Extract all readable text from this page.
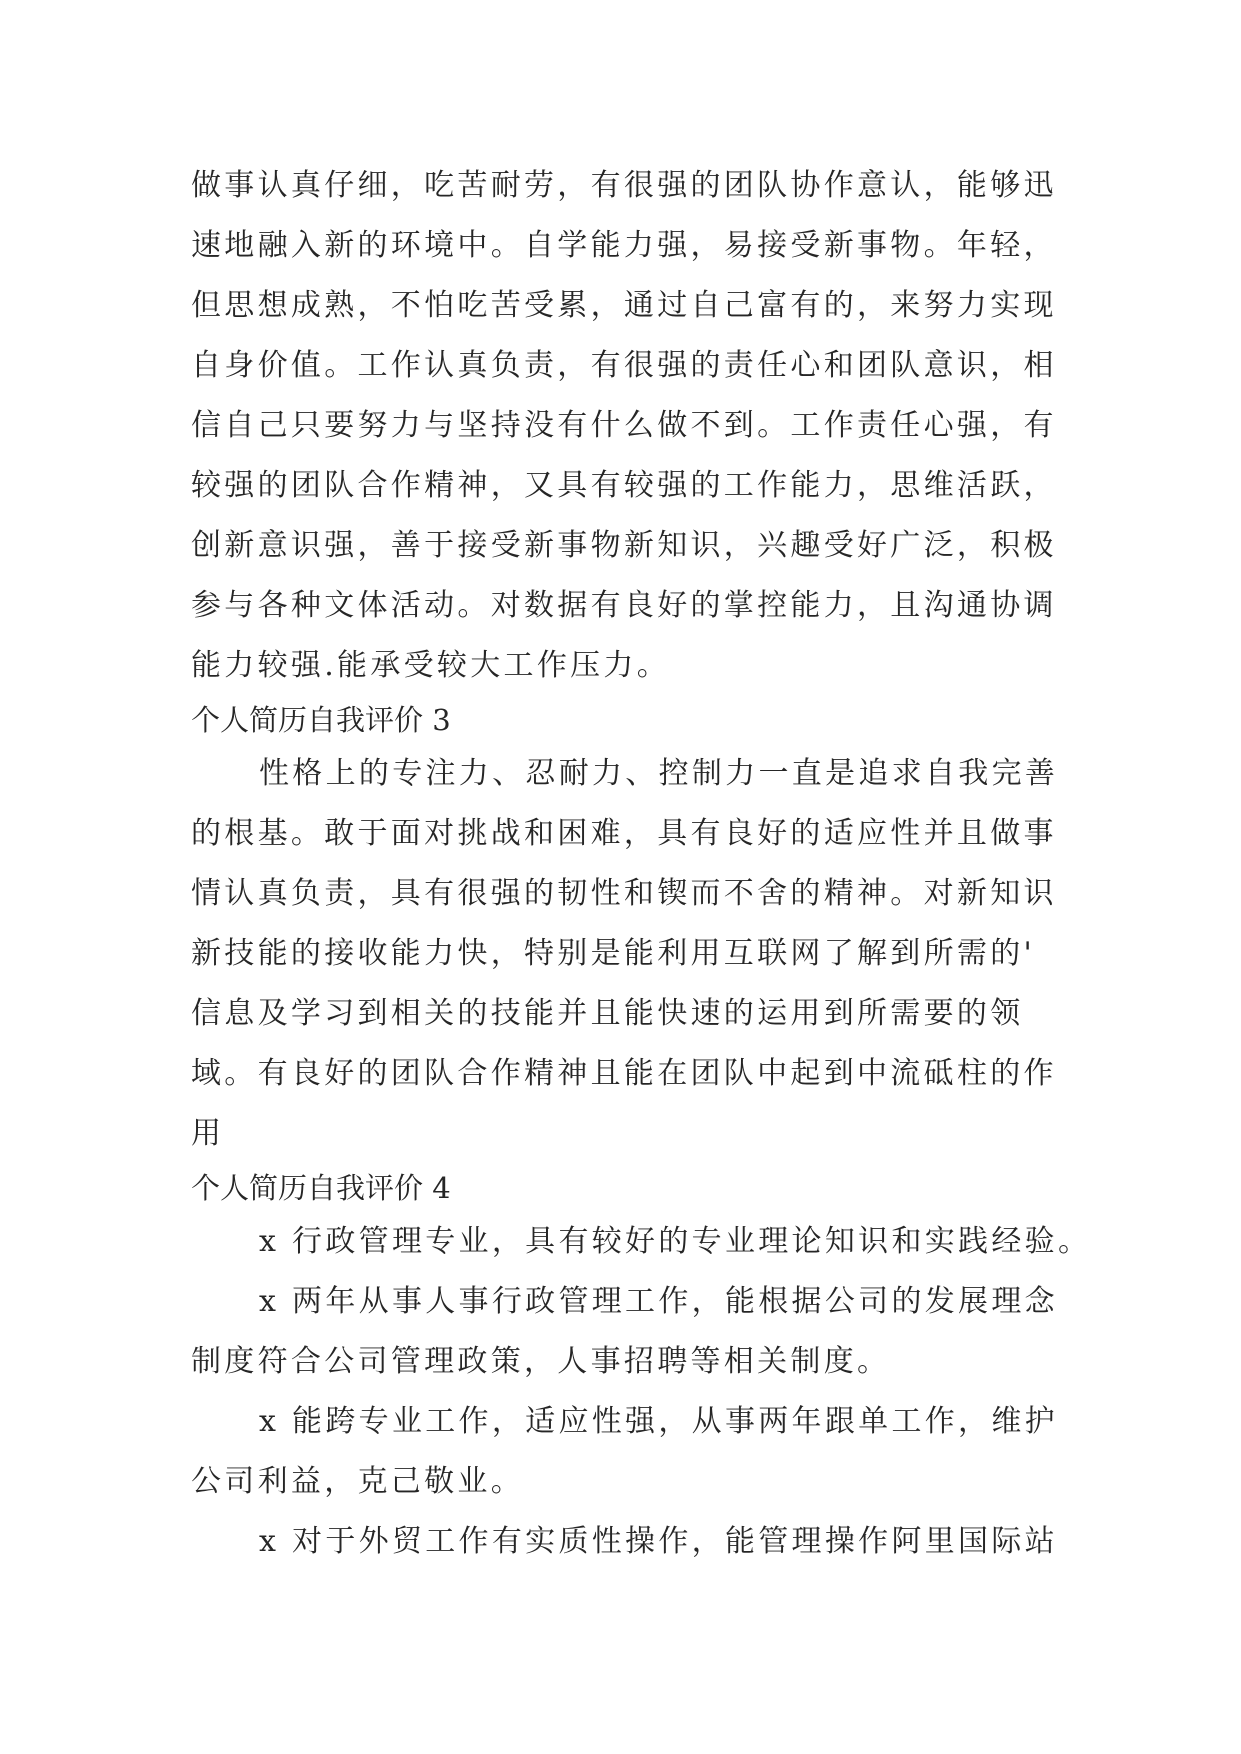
做事认真仔细，吃苦耐劳，有很强的团队协作意认，能够迅
速地融入新的环境中。自学能力强，易接受新事物。年轻，
但思想成熟，不怕吃苦受累，通过自己富有的，来努力实现
自身价值。工作认真负责，有很强的责任心和团队意识，相
信自己只要努力与坚持没有什么做不到。工作责任心强，有
较强的团队合作精神，又具有较强的工作能力，思维活跃，
创新意识强，善于接受新事物新知识，兴趣受好广泛，积极
参与各种文体活动。对数据有良好的掌控能力，且沟通协调
能力较强.能承受较大工作压力。
个人简历自我评价 3
性格上的专注力、忍耐力、控制力一直是追求自我完善
的根基。敢于面对挑战和困难，具有良好的适应性并且做事
情认真负责，具有很强的韧性和锲而不舍的精神。对新知识
新技能的接收能力快，特别是能利用互联网了解到所需的'
信息及学习到相关的技能并且能快速的运用到所需要的领
域。有良好的团队合作精神且能在团队中起到中流砥柱的作
用
个人简历自我评价 4
x 行政管理专业，具有较好的专业理论知识和实践经验。
x 两年从事人事行政管理工作，能根据公司的发展理念
制度符合公司管理政策，人事招聘等相关制度。
x 能跨专业工作，适应性强，从事两年跟单工作，维护
公司利益，克己敬业。
x 对于外贸工作有实质性操作，能管理操作阿里国际站
